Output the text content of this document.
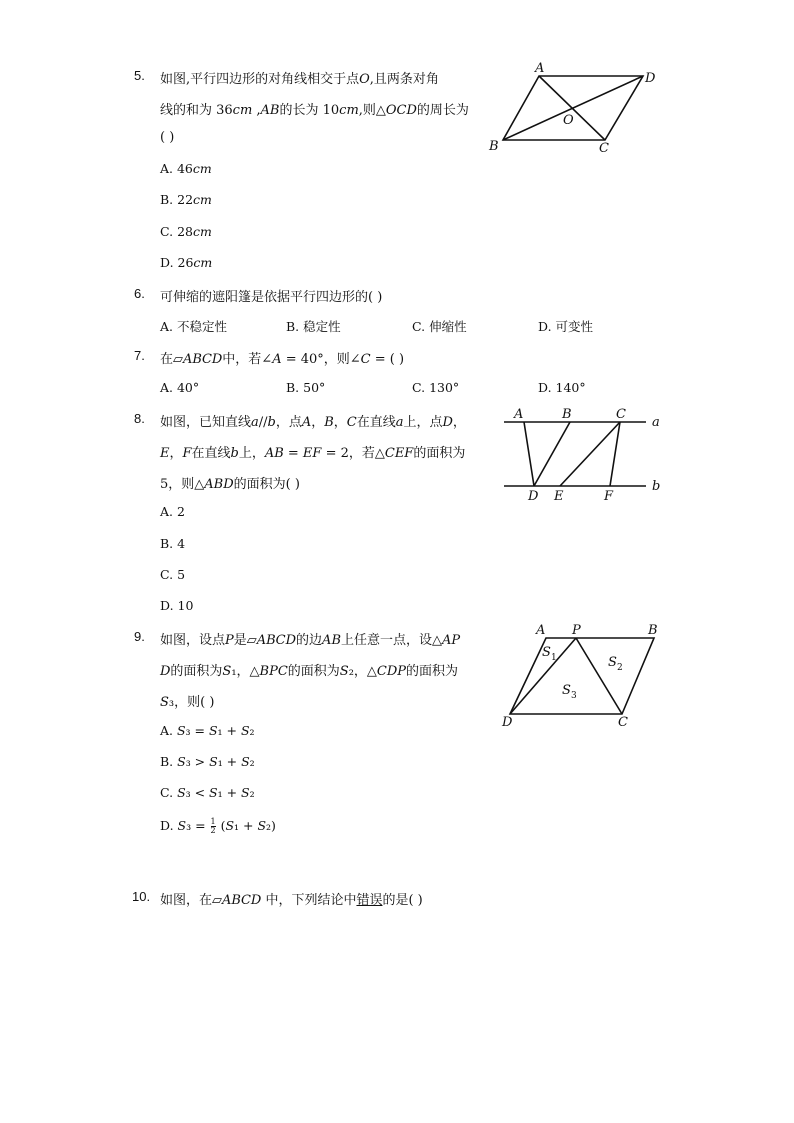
5. 如图,平行四边形的对角线相交于点𝑂,且两条对角
线的和为 36𝑐𝑚 ,𝐴𝐵的长为 10𝑐𝑚,则△𝑂𝐶𝐷的周长为
( )
A. 46𝑐𝑚
B. 22𝑐𝑚
C. 28𝑐𝑚
D. 26𝑐𝑚
A
D
B	C
O
6. 可伸缩的遮阳篷是依据平行四边形的( )
A. 不稳定性	B. 稳定性	C. 伸缩性	D. 可变性
7. 在▱𝐴𝐵𝐶𝐷中，若∠𝐴 = 40°，则∠𝐶 = ( )
A. 40°	B. 50°	C. 130°	D. 140°
8. 如图，已知直线𝑎//𝑏，点𝐴，𝐵，𝐶在直线𝑎上，点𝐷，
𝐸，𝐹在直线𝑏上，𝐴𝐵 = 𝐸𝐹 = 2，若△𝐶𝐸𝐹的面积为
5，则△𝐴𝐵𝐷的面积为( )
A. 2
B. 4
C. 5
D. 10
A	B	C
a
D E	F
b
9. 如图，设点𝑃是▱𝐴𝐵𝐶𝐷的边𝐴𝐵上任意一点，设△𝐴𝑃
𝐷的面积为𝑆₁，△𝐵𝑃𝐶的面积为𝑆₂，△𝐶𝐷𝑃的面积为
𝑆₃，则( )
A. 𝑆₃ = 𝑆₁ + 𝑆₂
B. 𝑆₃ > 𝑆₁ + 𝑆₂
C. 𝑆₃ < 𝑆₁ + 𝑆₂
D. 𝑆₃ = $\frac{1}{2}$ (𝑆₁ + 𝑆₂)
A P	B
D	C
S 1	S 2
S 3
10. 如图，在▱𝐴𝐵𝐶𝐷 中，下列结论中错误的是( )
